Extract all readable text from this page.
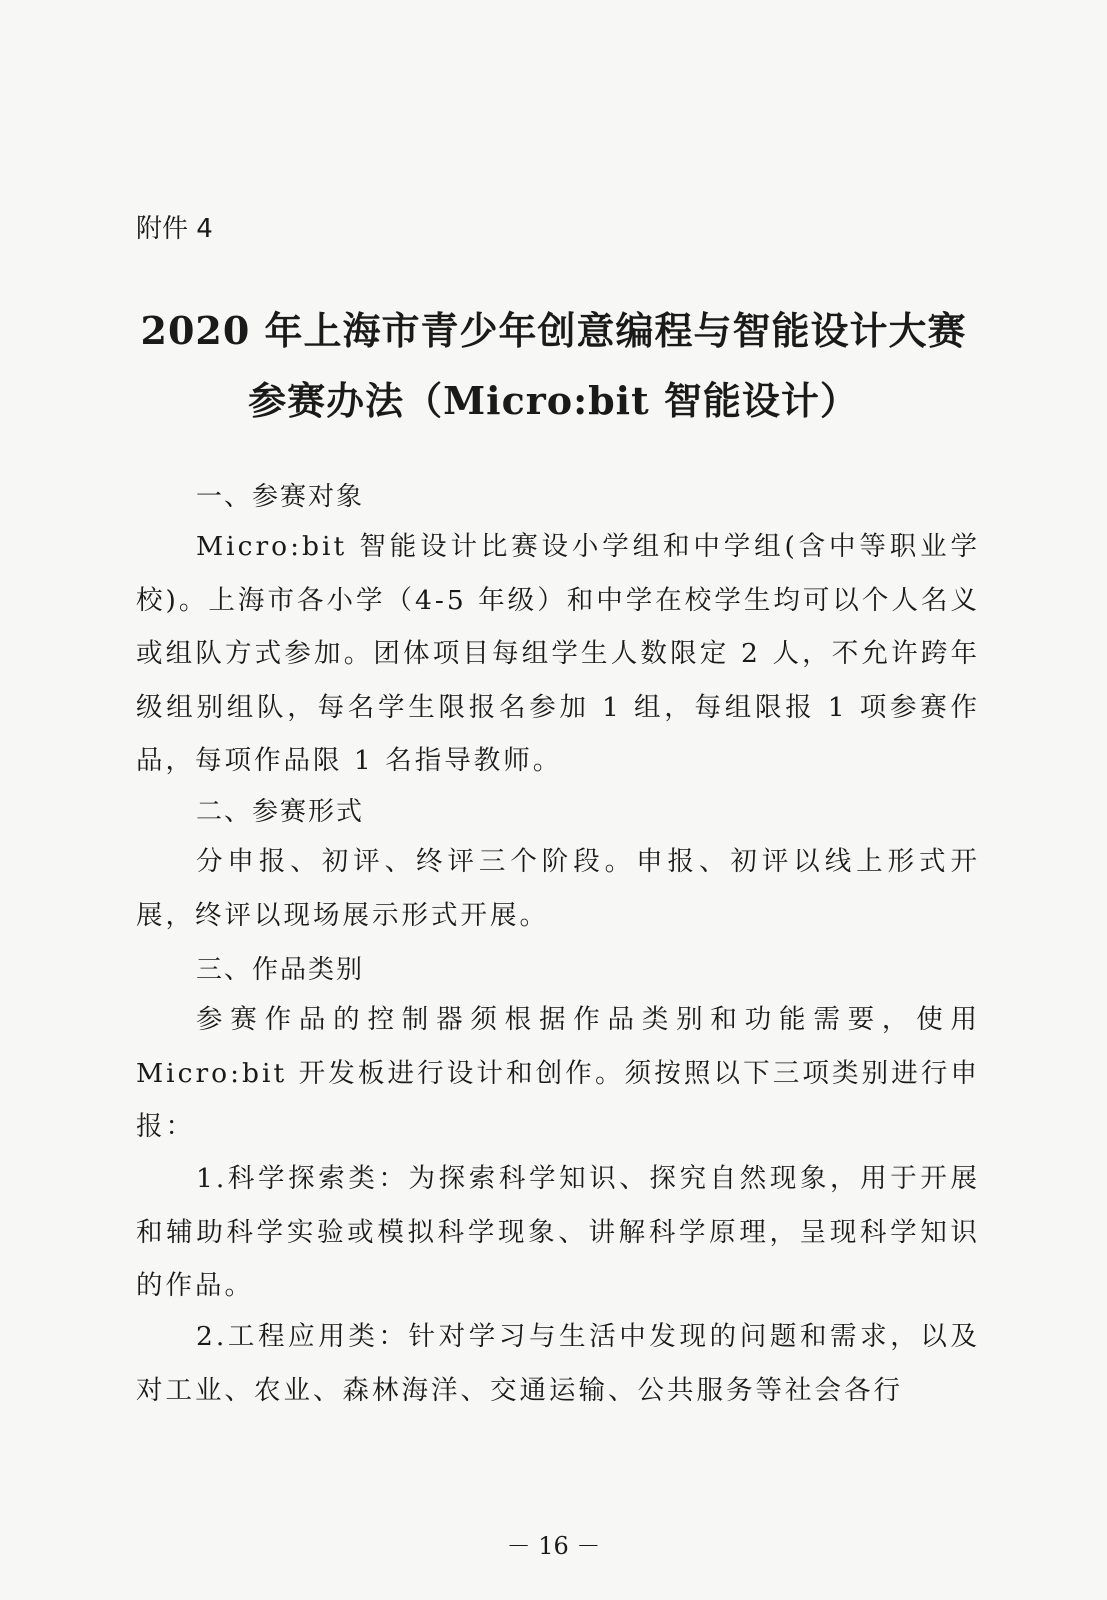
附件 4
2020 年上海市青少年创意编程与智能设计大赛
参赛办法（Micro:bit 智能设计）
一、参赛对象
Micro:bit 智能设计比赛设小学组和中学组(含中等职业学校)。上海市各小学（4-5 年级）和中学在校学生均可以个人名义或组队方式参加。团体项目每组学生人数限定 2 人，不允许跨年级组别组队，每名学生限报名参加 1 组，每组限报 1 项参赛作品，每项作品限 1 名指导教师。
二、参赛形式
分申报、初评、终评三个阶段。申报、初评以线上形式开展，终评以现场展示形式开展。
三、作品类别
参赛作品的控制器须根据作品类别和功能需要，使用 Micro:bit 开发板进行设计和创作。须按照以下三项类别进行申报：
1.科学探索类：为探索科学知识、探究自然现象，用于开展和辅助科学实验或模拟科学现象、讲解科学原理，呈现科学知识的作品。
2.工程应用类：针对学习与生活中发现的问题和需求，以及对工业、农业、森林海洋、交通运输、公共服务等社会各行
－ 16 －
